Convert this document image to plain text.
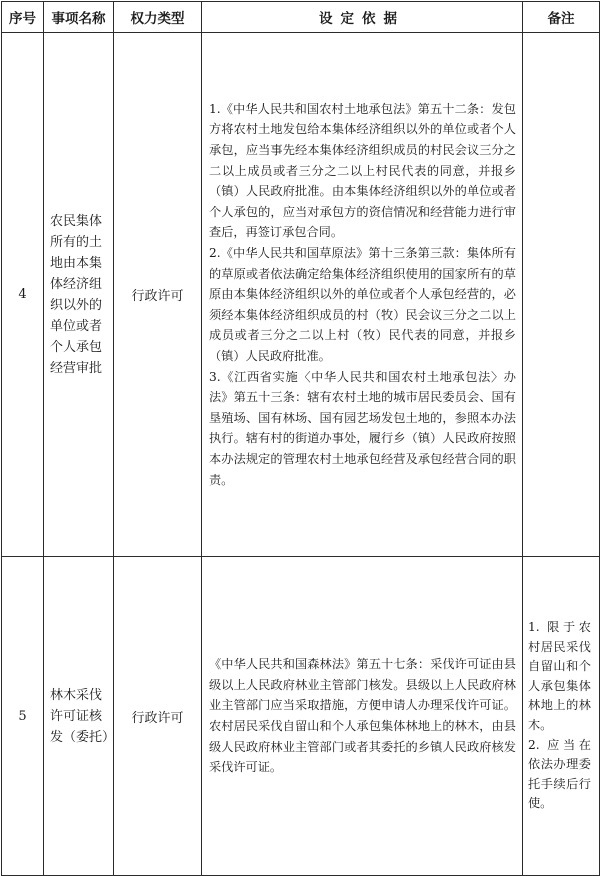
序号	事项名称	权力类型	设定依据	备注
4	农民集体所有的土地由本集体经济组织以外的单位或者个人承包经营审批	行政许可	1.《中华人民共和国农村土地承包法》第五十二条：发包方将农村土地发包给本集体经济组织以外的单位或者个人承包，应当事先经本集体经济组织成员的村民会议三分之二以上成员或者三分之二以上村民代表的同意，并报乡（镇）人民政府批准。由本集体经济组织以外的单位或者个人承包的，应当对承包方的资信情况和经营能力进行审查后，再签订承包合同。

2.《中华人民共和国草原法》第十三条第三款：集体所有的草原或者依法确定给集体经济组织使用的国家所有的草原由本集体经济组织以外的单位或者个人承包经营的，必须经本集体经济组织成员的村（牧）民会议三分之二以上成员或者三分之二以上村（牧）民代表的同意，并报乡（镇）人民政府批准。

3.《江西省实施〈中华人民共和国农村土地承包法〉办法》第五十三条：辖有农村土地的城市居民委员会、国有垦殖场、国有林场、国有园艺场发包土地的，参照本办法执行。辖有村的街道办事处，履行乡（镇）人民政府按照本办法规定的管理农村土地承包经营及承包经营合同的职责。	

5	林木采伐许可证核发（委托）	行政许可	《中华人民共和国森林法》第五十七条：采伐许可证由县级以上人民政府林业主管部门核发。县级以上人民政府林业主管部门应当采取措施，方便申请人办理采伐许可证。农村居民采伐自留山和个人承包集体林地上的林木，由县级人民政府林业主管部门或者其委托的乡镇人民政府核发采伐许可证。	1. 限于农村居民采伐自留山和个人承包集体林地上的林木。

2. 应当在依法办理委托手续后行使。
